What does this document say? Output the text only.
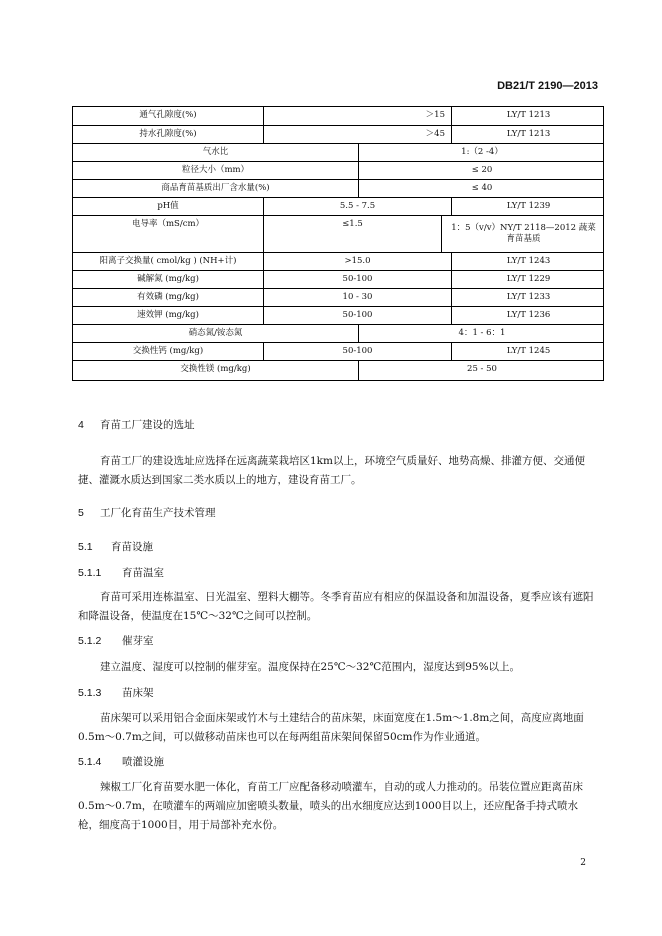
DB21/T 2190—2013
通气孔隙度(%)	＞15	LY/T 1213
持水孔隙度(%)	＞45	LY/T 1213
气水比	1:（2 -4）
粒径大小（mm）	≤ 20
商品育苗基质出厂含水量(%)	≤ 40
pH值	5.5 - 7.5	LY/T 1239
电导率（mS/cm）	≤1.5	1：5（v/v）NY/T 2118—2012 蔬菜
育苗基质
阳离子交换量( cmol/kg ) (NH+计)	>15.0	LY/T 1243
碱解氮 (mg/kg)	50-100	LY/T 1229
有效磷 (mg/kg)	10 - 30	LY/T 1233
速效钾 (mg/kg)	50-100	LY/T 1236
硝态氮/铵态氮	4：1 - 6：1
交换性钙 (mg/kg)	50-100	LY/T 1245
交换性镁 (mg/kg)	25 - 50
4 育苗工厂建设的选址
育苗工厂的建设选址应选择在远离蔬菜栽培区1km以上，环境空气质量好、地势高燥、排灌方便、交通便捷、灌溉水质达到国家二类水质以上的地方，建设育苗工厂。
5 工厂化育苗生产技术管理
5.1 育苗设施
5.1.1 育苗温室
育苗可采用连栋温室、日光温室、塑料大棚等。冬季育苗应有相应的保温设备和加温设备，夏季应该有遮阳和降温设备，使温度在15℃～32℃之间可以控制。
5.1.2 催芽室
建立温度、湿度可以控制的催芽室。温度保持在25℃～32℃范围内，湿度达到95%以上。
5.1.3 苗床架
苗床架可以采用铝合金面床架或竹木与土建结合的苗床架，床面宽度在1.5m～1.8m之间，高度应离地面0.5m～0.7m之间，可以做移动苗床也可以在每两组苗床架间保留50cm作为作业通道。
5.1.4 喷灌设施
辣椒工厂化育苗要水肥一体化，育苗工厂应配备移动喷灌车，自动的或人力推动的。吊装位置应距离苗床0.5m～0.7m，在喷灌车的两端应加密喷头数量，喷头的出水细度应达到1000目以上，还应配备手持式喷水枪，细度高于1000目，用于局部补充水份。
2
